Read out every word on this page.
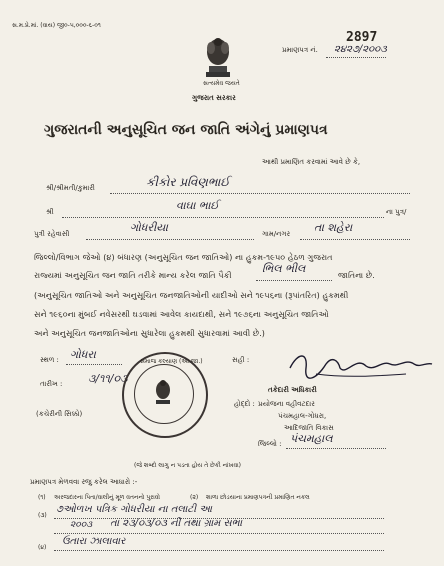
સ.મ.પ્રે.માં. (વાય) જી૦-૫,૦૦૦-૬-૦૧
પ્રમાણપત્ર નં.
2897
૨૪૨૭/૨૦૦૩
સત્યમેવ જયતે
ગુજરાત સરકાર
ગુજરાતની અનુસૂચિત જન જાતિ અંગેનું પ્રમાણપત્ર
આથી પ્રમાણિત કરવામાં આવે છે કે,
શ્રી/શ્રીમતી/કુમારી	કીકોર પ્રવિણભાઈ
શ્રી	વાઘા ભાઈ	ના પુત્ર/
પુત્રી રહેવાસી	ગોધરીયા	ગામ/નગર તા શહેરા
જિલ્લો/વિભાગ જેઓ (૪) બંધારણ (અનુસૂચિત જન જાતિઓ) ના હુકમ-૧૯૫૦ હેઠળ ગુજરાત
રાજ્યમાં અનુસૂચિત જન જાતિ તરીકે માન્ય કરેલ જાતિ પૈકી
ભિલ ભીલ
જાતિના છે.
(અનુસૂચિત જાતિઓ અને અનુસૂચિત જનજાતિઓની યાદીઓ સને ૧૯૫૬ના (રૂપાંતરિત) હુકમથી
સને ૧૯૬૦ના મુંબઈ નવેસરથી ઘડવામાં આવેલ કાયદાથી, સને ૧૯૭૬ના અનુસૂચિત જાતિઓ
અને અનુસૂચિત જનજાતિઓના સુધારેલા હુકમથી સુધારવામાં આવી છે.)
સ્થળ : ગોધરા
તારીખ : ૩/૧૧/૦૩
(કચેરીની સિક્કો)
સમાજ કલ્યાણ (આ.જા.)	સહી :
તકેદારી અધિકારી
હોદ્દો : પ્રયોજના વહીવટદાર
પંચમહાલ-ગોધરા,
આદિજાતિ વિકાસ
જિલ્લો : પંચમહાલ
(જે શબ્દો લાગુ ન પડતા હોય તે છેકી નાંખવા)
પ્રમાણપત્ર મેળવવા રજુ કરેલ આધારો :-
(૧) અરજદારના પિતા/વાલીનું મૂળ વતનનો પુરાવો	(૨) શાળા છોડયાના પ્રમાણપત્રની પ્રમાણિત નકલ
(૩)
૭ઓળખ પત્રિક ગોધરીયા ના તલાટી આ
૨૦૦૩ તા ૨૩/૦૩/૦૩ ની તથા ગ્રામ સભા
(૪)
ઉતારા ઝાલાવાર
